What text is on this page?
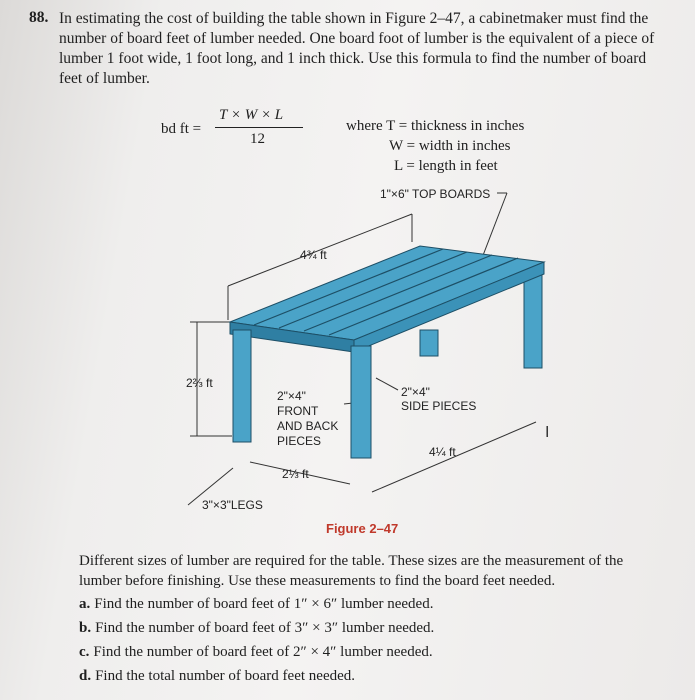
88. In estimating the cost of building the table shown in Figure 2–47, a cabinetmaker must find the number of board feet of lumber needed. One board foot of lumber is the equivalent of a piece of lumber 1 foot wide, 1 foot long, and 1 inch thick. Use this formula to find the number of board feet of lumber.
bd ft =
T × W × L
12
where T = thickness in inches
W = width in inches
L = length in feet
1"×6" TOP BOARDS
4¾ ft
2⅔ ft
2"×4"
FRONT
AND BACK
PIECES
2"×4"
SIDE PIECES
4¼ ft
2⅓ ft
3"×3"LEGS
I
Figure 2–47
Different sizes of lumber are required for the table. These sizes are the measurement of the lumber before finishing. Use these measurements to find the board feet needed.
a. Find the number of board feet of 1″ × 6″ lumber needed.
b. Find the number of board feet of 3″ × 3″ lumber needed.
c. Find the number of board feet of 2″ × 4″ lumber needed.
d. Find the total number of board feet needed.
